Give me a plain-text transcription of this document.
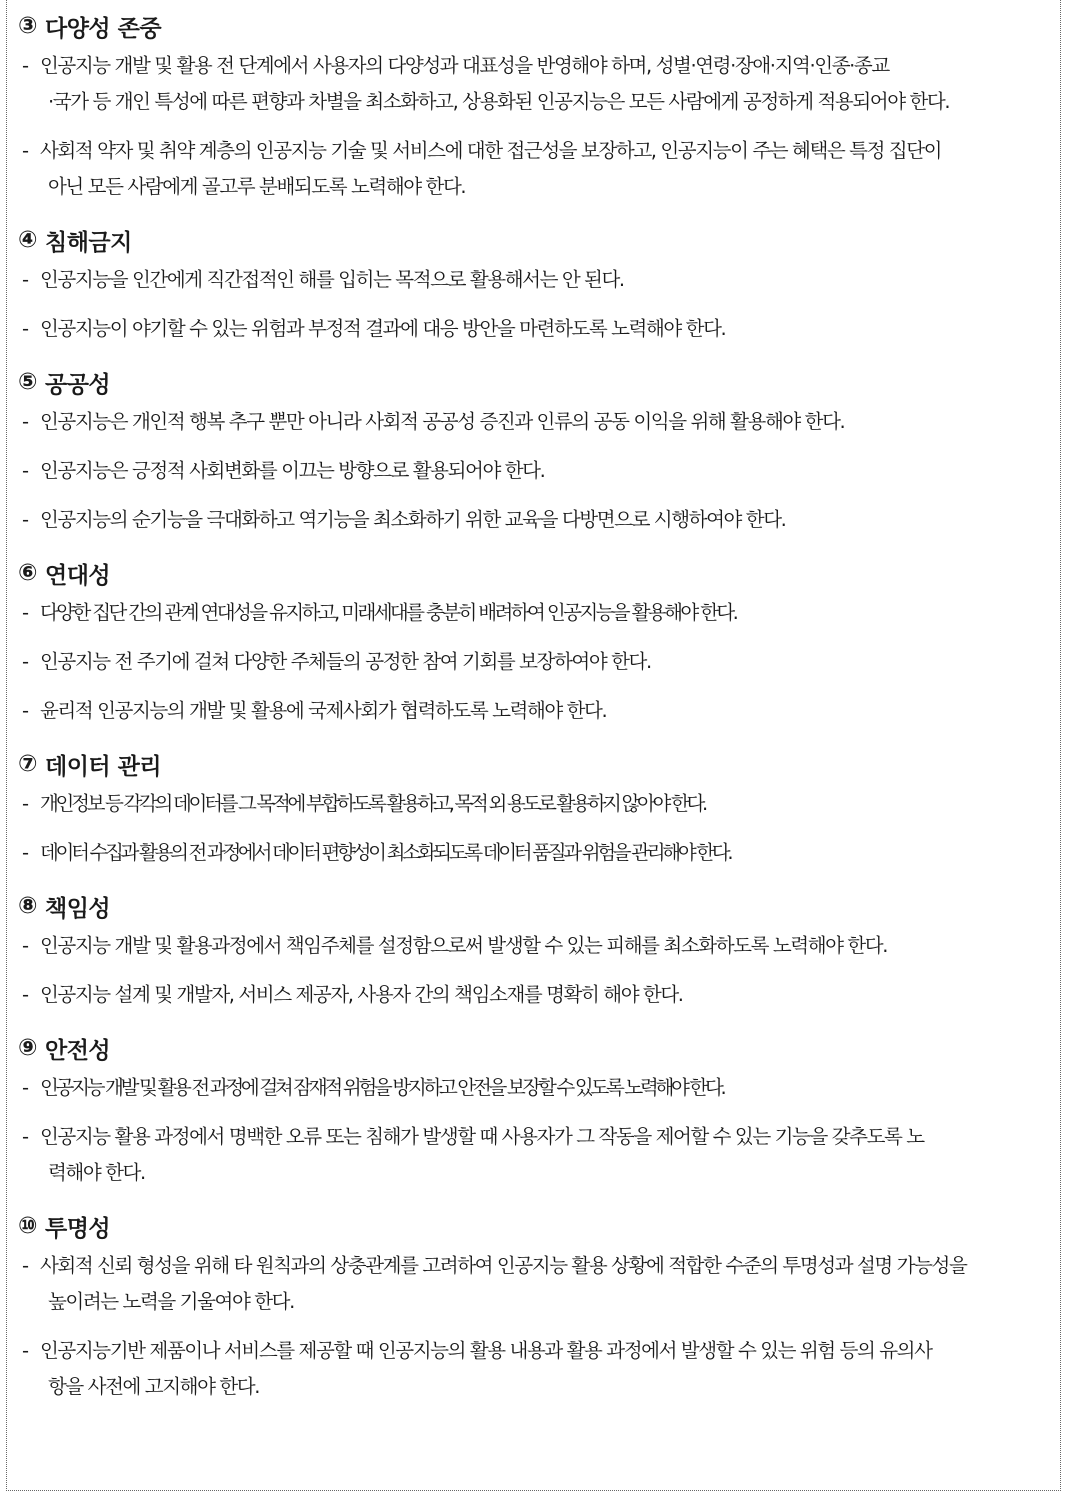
③ 다양성 존중
- 인공지능 개발 및 활용 전 단계에서 사용자의 다양성과 대표성을 반영해야 하며, 성별·연령·장애·지역·인종·종교
·국가 등 개인 특성에 따른 편향과 차별을 최소화하고, 상용화된 인공지능은 모든 사람에게 공정하게 적용되어야 한다.
- 사회적 약자 및 취약 계층의 인공지능 기술 및 서비스에 대한 접근성을 보장하고, 인공지능이 주는 혜택은 특정 집단이
아닌 모든 사람에게 골고루 분배되도록 노력해야 한다.
④ 침해금지
- 인공지능을 인간에게 직간접적인 해를 입히는 목적으로 활용해서는 안 된다.
- 인공지능이 야기할 수 있는 위험과 부정적 결과에 대응 방안을 마련하도록 노력해야 한다.
⑤ 공공성
- 인공지능은 개인적 행복 추구 뿐만 아니라 사회적 공공성 증진과 인류의 공동 이익을 위해 활용해야 한다.
- 인공지능은 긍정적 사회변화를 이끄는 방향으로 활용되어야 한다.
- 인공지능의 순기능을 극대화하고 역기능을 최소화하기 위한 교육을 다방면으로 시행하여야 한다.
⑥ 연대성
- 다양한 집단 간의 관계 연대성을 유지하고, 미래세대를 충분히 배려하여 인공지능을 활용해야 한다.
- 인공지능 전 주기에 걸쳐 다양한 주체들의 공정한 참여 기회를 보장하여야 한다.
- 윤리적 인공지능의 개발 및 활용에 국제사회가 협력하도록 노력해야 한다.
⑦ 데이터 관리
- 개인정보 등 각각의 데이터를 그 목적에 부합하도록 활용하고, 목적 외 용도로 활용하지 않아야 한다.
- 데이터 수집과 활용의 전 과정에서 데이터 편향성이 최소화되도록 데이터 품질과 위험을 관리해야 한다.
⑧ 책임성
- 인공지능 개발 및 활용과정에서 책임주체를 설정함으로써 발생할 수 있는 피해를 최소화하도록 노력해야 한다.
- 인공지능 설계 및 개발자, 서비스 제공자, 사용자 간의 책임소재를 명확히 해야 한다.
⑨ 안전성
- 인공지능 개발 및 활용 전 과정에 걸쳐 잠재적 위험을 방지하고 안전을 보장할 수 있도록 노력해야 한다.
- 인공지능 활용 과정에서 명백한 오류 또는 침해가 발생할 때 사용자가 그 작동을 제어할 수 있는 기능을 갖추도록 노
력해야 한다.
⑩ 투명성
- 사회적 신뢰 형성을 위해 타 원칙과의 상충관계를 고려하여 인공지능 활용 상황에 적합한 수준의 투명성과 설명 가능성을
높이려는 노력을 기울여야 한다.
- 인공지능기반 제품이나 서비스를 제공할 때 인공지능의 활용 내용과 활용 과정에서 발생할 수 있는 위험 등의 유의사
항을 사전에 고지해야 한다.
